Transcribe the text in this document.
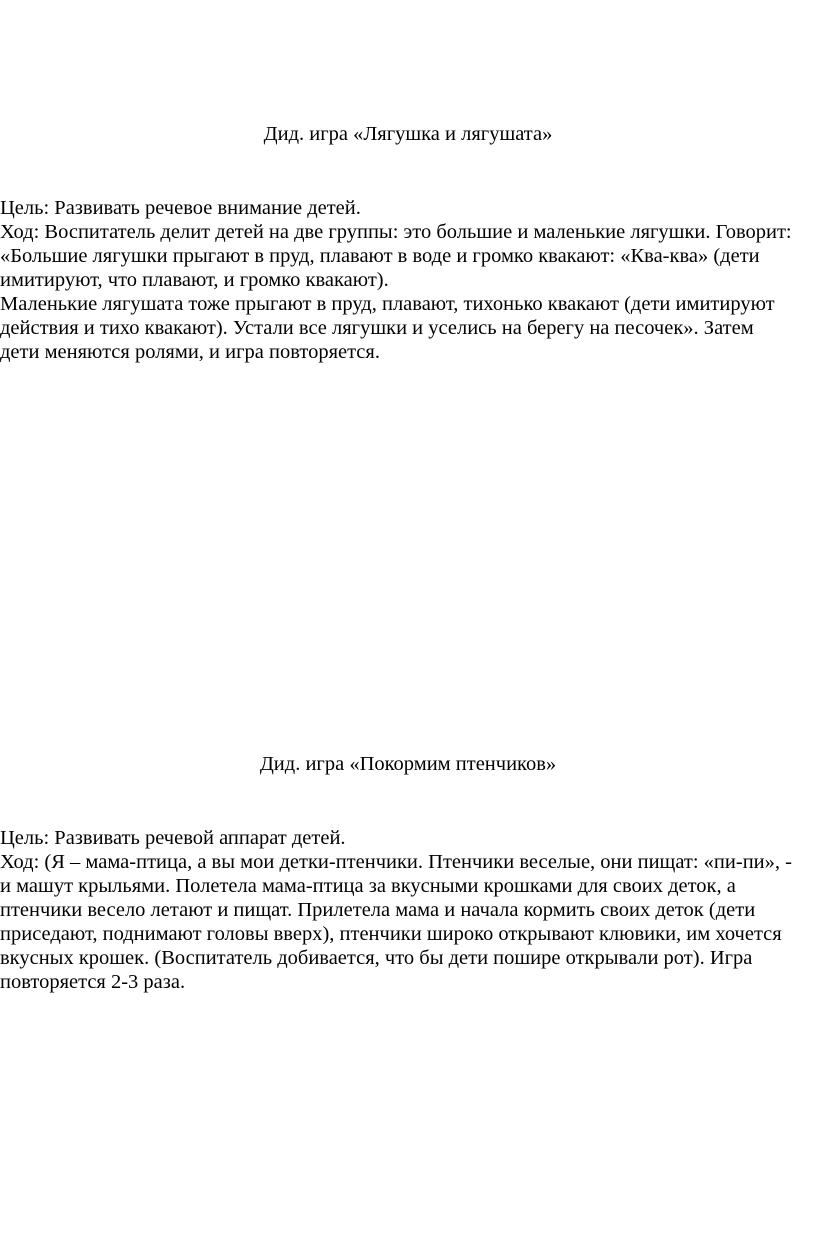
Дид. игра «Лягушка и лягушата»

Цель: Развивать речевое внимание детей.

Ход: Воспитатель делит детей на две группы: это большие и маленькие лягушки. Говорит:

«Большие лягушки прыгают в пруд, плавают в воде и громко квакают: «Ква-ква» (дети

имитируют, что плавают, и громко квакают).

Маленькие лягушата тоже прыгают в пруд, плавают, тихонько квакают (дети имитируют

действия и тихо квакают). Устали все лягушки и уселись на берегу на песочек». Затем

дети меняются ролями, и игра повторяется.

Дид. игра «Покормим птенчиков»

Цель: Развивать речевой аппарат детей.

Ход: (Я – мама-птица, а вы мои детки-птенчики. Птенчики веселые, они пищат: «пи-пи», -

и машут крыльями. Полетела мама-птица за вкусными крошками для своих деток, а

птенчики весело летают и пищат. Прилетела мама и начала кормить своих деток (дети

приседают, поднимают головы вверх), птенчики широко открывают клювики, им хочется

вкусных крошек. (Воспитатель добивается, что бы дети пошире открывали рот). Игра

повторяется 2-3 раза.
